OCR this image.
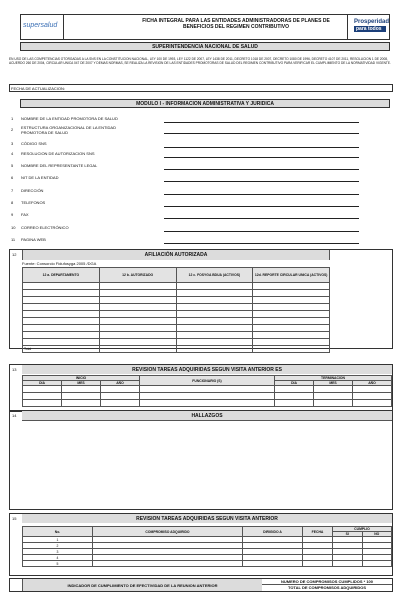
supersalud
FICHA INTEGRAL PARA LAS ENTIDADES ADMINISTRADORAS DE PLANES DE BENEFICIOS DEL REGIMEN CONTRIBUTIVO
Prosperidad
para todos
SUPERINTENDENCIA NACIONAL DE SALUD
EN USO DE LAS COMPETENCIAS OTORGADAS A LA SNS EN LA CONSTITUCION NACIONAL, LEY 100 DE 1993, LEY 1122 DE 2007, LEY 1438 DE 2011, DECRETO 1018 DE 2007, DECRETO 1080 DE 1996, DECRETO 4107 DE 2011, RESOLUCION 1 DE 2008, ACUERDO 260 DE 2004, CIRCULAR UNICA 047 DE 2007 Y DEMAS NORMAS, SE REALIZA LA REVISION DE LAS ENTIDADES PROMOTORAS DE SALUD DEL REGIMEN CONTRIBUTIVO PARA VERIFICAR EL CUMPLIMIENTO DE LA NORMATIVIDAD VIGENTE.
FECHA DE ACTUALIZACION:
MODULO I - INFORMACION ADMINISTRATIVA Y JURIDICA
1 NOMBRE DE LA ENTIDAD PROMOTORA DE SALUD
2 ESTRUCTURA ORGANIZACIONAL DE LA ENTIDAD PROMOTORA DE SALUD
3 CÓDIGO SNS
4 RESOLUCION DE AUTORIZACION SNS
5 NOMBRE DEL REPRESENTANTE LEGAL
6 NIT DE LA ENTIDAD
7 DIRECCIÓN
8 TELEFONOS
9 FAX
10 CORREO ELECTRÓNICO
11 PAGINA WEB
12	AFILIACIÓN AUTORIZADA
Fuente: Consorcio Fidufosyga 2005 /DGA
12 a. DEPARTAMENTO	12 b. AUTORIZADO	12 c. FOSYGA BDUA (ACTIVOS)	12d. REPORTE CIRCULAR UNICA (ACTIVOS)

Total			
13	REVISION TAREAS ADQUIRIDAS SEGUN VISITA ANTERIOR ES
INICIO			FUNCIONARIO (S)	TERMINACION		
DIA	MES	AÑO		DIA	MES	AÑO

14	HALLAZGOS
15	REVISION TAREAS ADQUIRIDAS SEGUN VISITA ANTERIOR
No.	COMPROMISO ADQUIRIDO	DIRIGIDO A	FECHA	CUMPLIO	
				SI	NO
1					
2					
3					
4					
5					
INDICADOR DE CUMPLIMIENTO DE EFECTIVIDAD DE LA REUNION ANTERIOR
NUMERO DE COMPROMISOS CUMPLIDOS * 100
TOTAL DE COMPROMISOS ADQUIRIDOS
